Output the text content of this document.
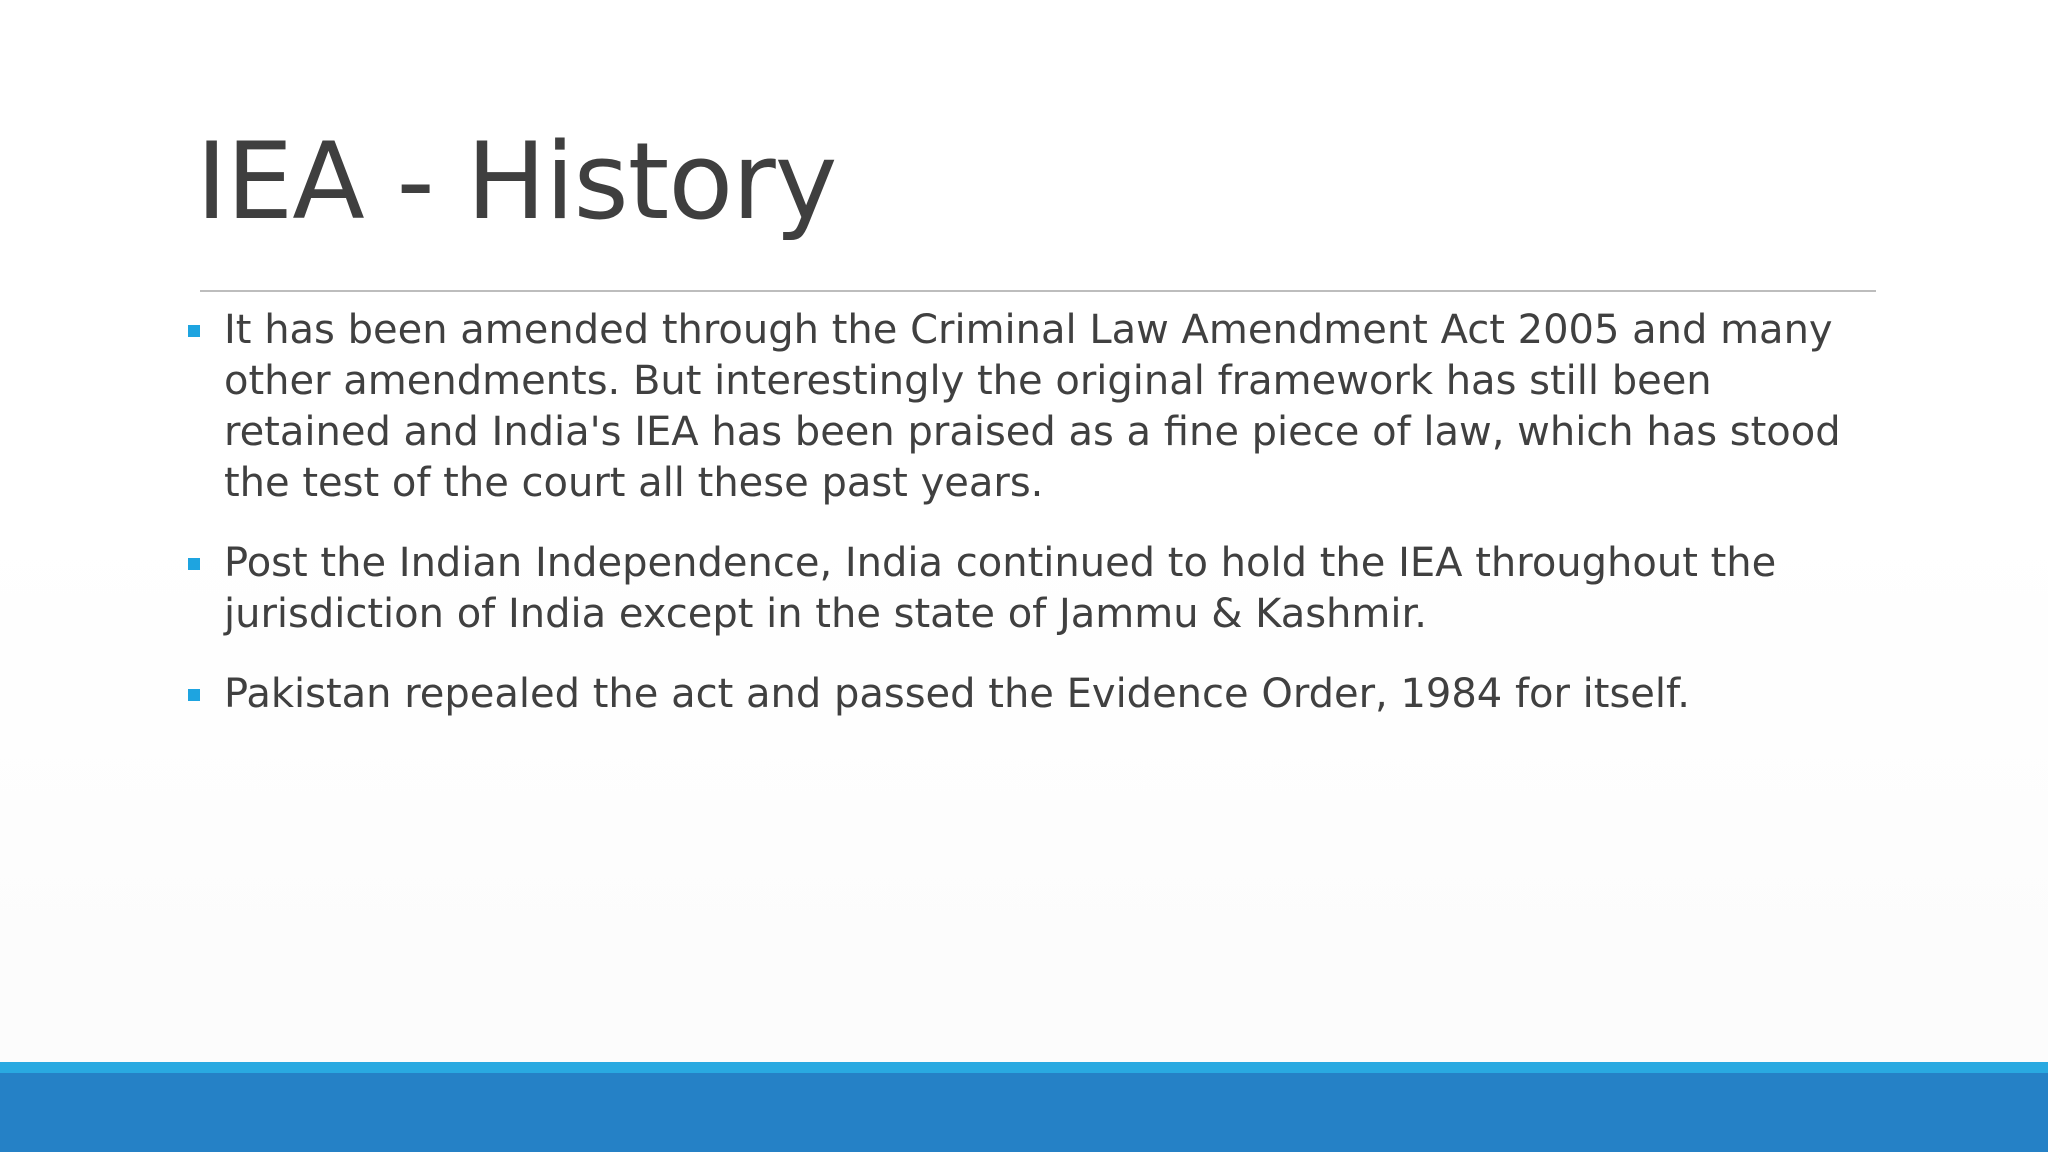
IEA - History
It has been amended through the Criminal Law Amendment Act 2005 and many other amendments. But interestingly the original framework has still been retained and India's IEA has been praised as a fine piece of law, which has stood the test of the court all these past years.
Post the Indian Independence, India continued to hold the IEA throughout the jurisdiction of India except in the state of Jammu & Kashmir.
Pakistan repealed the act and passed the Evidence Order, 1984 for itself.
